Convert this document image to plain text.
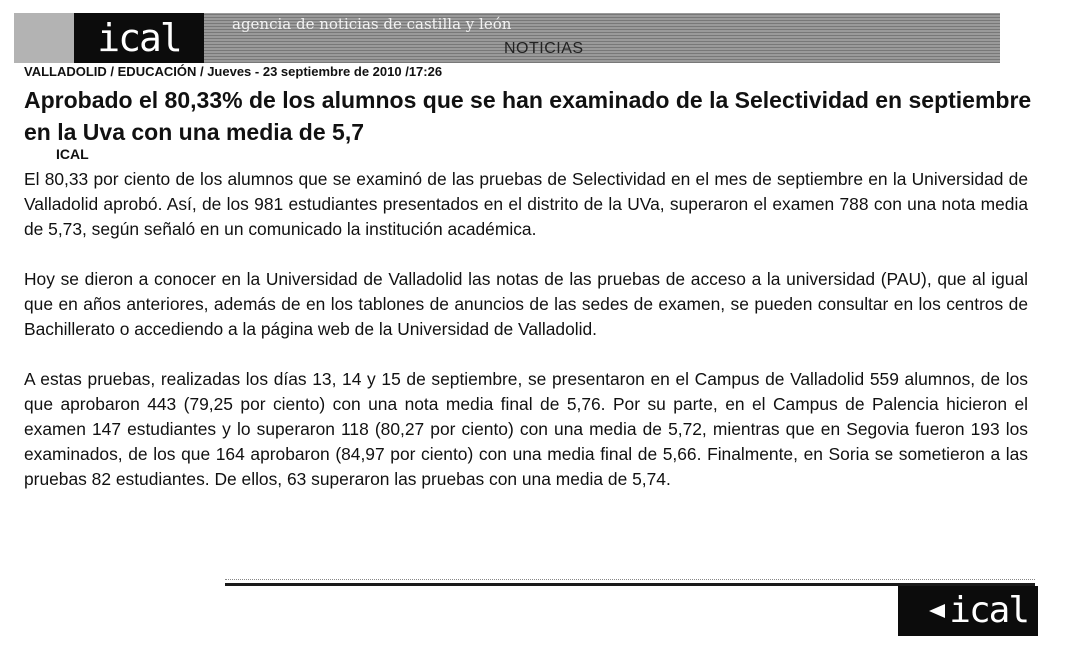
ical	agencia de noticias de castilla y león
NOTICIAS
VALLADOLID / EDUCACIÓN / Jueves - 23 septiembre de 2010 /17:26
Aprobado el 80,33% de los alumnos que se han examinado de la Selectividad en septiembre en la Uva con una media de 5,7
ICAL

El 80,33 por ciento de los alumnos que se examinó de las pruebas de Selectividad en el mes de septiembre en la Universidad de Valladolid aprobó. Así, de los 981 estudiantes presentados en el distrito de la UVa, superaron el examen 788 con una nota media de 5,73, según señaló en un comunicado la institución académica.

Hoy se dieron a conocer en la Universidad de Valladolid las notas de las pruebas de acceso a la universidad (PAU), que al igual que en años anteriores, además de en los tablones de anuncios de las sedes de examen, se pueden consultar en los centros de Bachillerato o accediendo a la página web de la Universidad de Valladolid.

A estas pruebas, realizadas los días 13, 14 y 15 de septiembre, se presentaron en el Campus de Valladolid 559 alumnos, de los que aprobaron 443 (79,25 por ciento) con una nota media final de 5,76. Por su parte, en el Campus de Palencia hicieron el examen 147 estudiantes y lo superaron 118 (80,27 por ciento) con una media de 5,72, mientras que en Segovia fueron 193 los examinados, de los que 164 aprobaron (84,97 por ciento) con una media final de 5,66. Finalmente, en Soria se sometieron a las pruebas 82 estudiantes. De ellos, 63 superaron las pruebas con una media de 5,74.

ical
